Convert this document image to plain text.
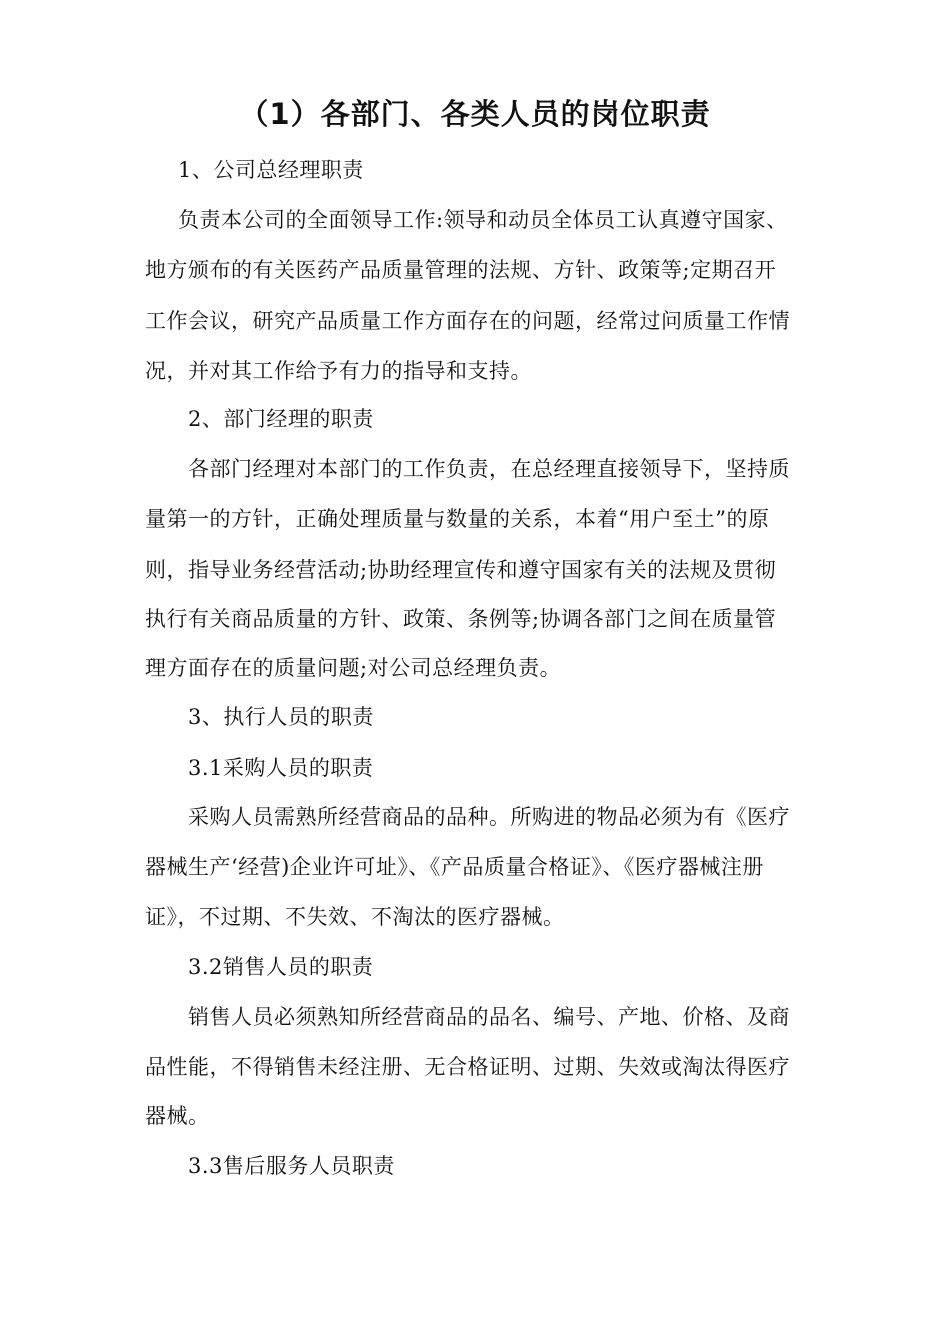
（1）各部门、各类人员的岗位职责
1、公司总经理职责
负责本公司的全面领导工作:领导和动员全体员工认真遵守国家、
地方颁布的有关医药产品质量管理的法规、方针、政策等;定期召开
工作会议，研究产品质量工作方面存在的问题，经常过问质量工作情
况，并对其工作给予有力的指导和支持。
2、部门经理的职责
各部门经理对本部门的工作负责，在总经理直接领导下，坚持质
量第一的方针，正确处理质量与数量的关系，本着“用户至土”的原
则，指导业务经营活动;协助经理宣传和遵守国家有关的法规及贯彻
执行有关商品质量的方针、政策、条例等;协调各部门之间在质量管
理方面存在的质量问题;对公司总经理负责。
3、执行人员的职责
3.1采购人员的职责
采购人员需熟所经营商品的品种。所购进的物品必须为有《医疗
器械生产‘经营)企业许可址》、《产品质量合格证》、《医疗器械注册
证》，不过期、不失效、不淘汰的医疗器械。
3.2销售人员的职责
销售人员必须熟知所经营商品的品名、编号、产地、价格、及商
品性能，不得销售未经注册、无合格证明、过期、失效或淘汰得医疗
器械。
3.3售后服务人员职责
